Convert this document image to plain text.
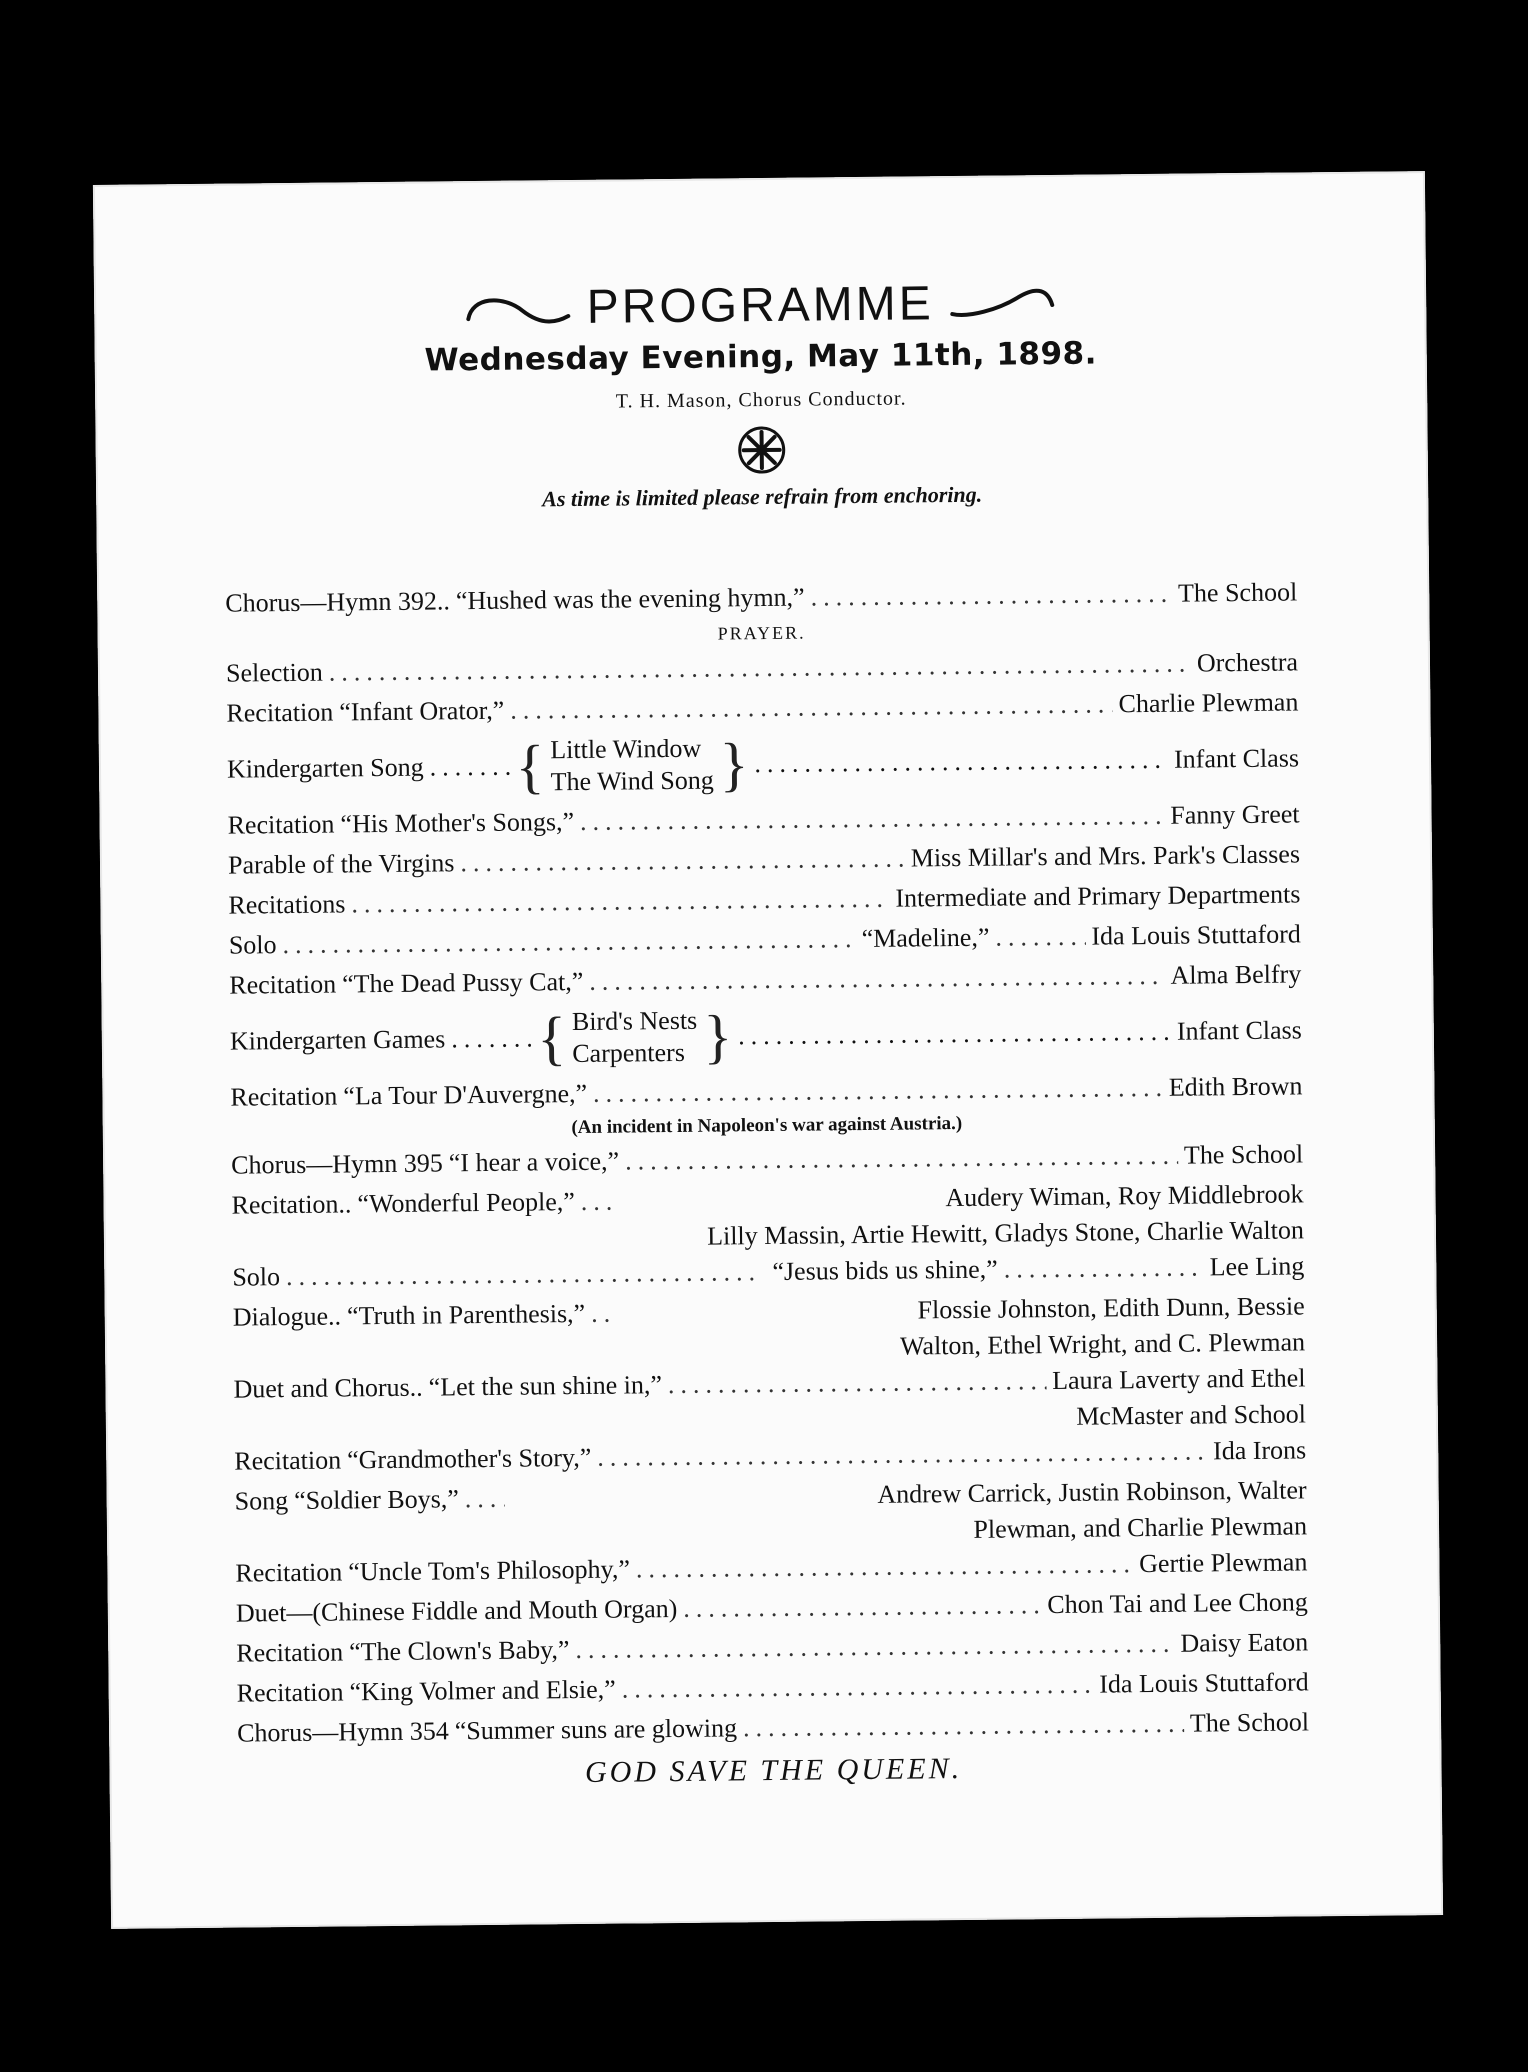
PROGRAMME
Wednesday Evening, May 11th, 1898.
T. H. Mason, Chorus Conductor.
As time is limited please refrain from enchoring.
Chorus—Hymn 392.. “Hushed was the evening hymn,” .....	The School
PRAYER.
Selection .....	Orchestra
Recitation “Infant Orator,” .....	Charlie Plewman
Kindergarten Song ..... { Little Window
The Wind Song } .....	Infant Class
Recitation “His Mother's Songs,” .....	Fanny Greet
Parable of the Virgins .....	Miss Millar's and Mrs. Park's Classes
Recitations .....	Intermediate and Primary Departments
Solo .....	“Madeline,” .....	Ida Louis Stuttaford
Recitation “The Dead Pussy Cat,” .....	Alma Belfry
Kindergarten Games ..... { Bird's Nests
Carpenters } .....	Infant Class
Recitation “La Tour D'Auvergne,” .....	Edith Brown
(An incident in Napoleon's war against Austria.)
Chorus—Hymn 395 “I hear a voice,” .....	The School
Recitation.. “Wonderful People,” .....	Audery Wiman, Roy Middlebrook
Lilly Massin, Artie Hewitt, Gladys Stone, Charlie Walton
Solo .....	“Jesus bids us shine,” .....	Lee Ling
Dialogue.. “Truth in Parenthesis,” .....	Flossie Johnston, Edith Dunn, Bessie
Walton, Ethel Wright, and C. Plewman
Duet and Chorus.. “Let the sun shine in,” .....	Laura Laverty and Ethel
McMaster and School
Recitation “Grandmother's Story,” .....	Ida Irons
Song “Soldier Boys,” .....	Andrew Carrick, Justin Robinson, Walter
Plewman, and Charlie Plewman
Recitation “Uncle Tom's Philosophy,” .....	Gertie Plewman
Duet—(Chinese Fiddle and Mouth Organ) .....	Chon Tai and Lee Chong
Recitation “The Clown's Baby,” .....	Daisy Eaton
Recitation “King Volmer and Elsie,” .....	Ida Louis Stuttaford
Chorus—Hymn 354 “Summer suns are glowing .....	The School
GOD SAVE THE QUEEN.
